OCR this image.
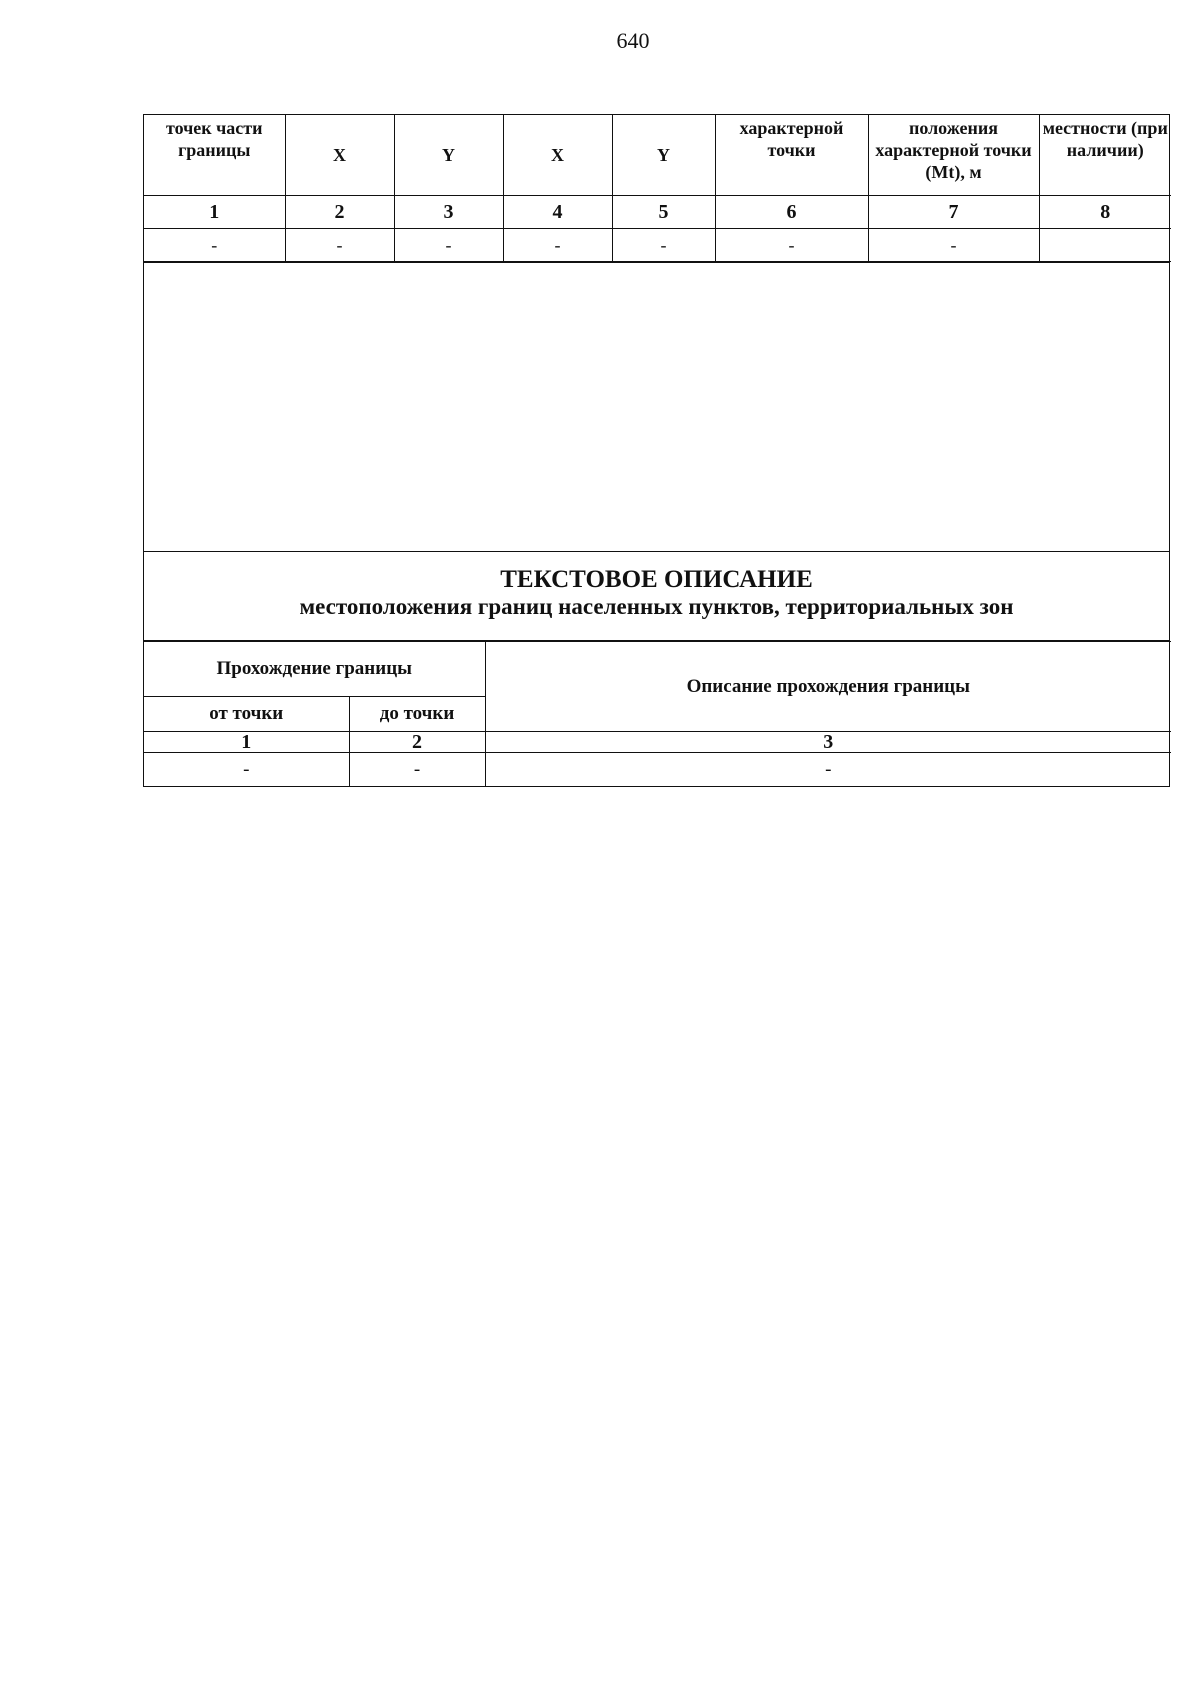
640
точек части границы	X	Y	X	Y	характерной точки	положения характерной точки (Mt), м	местности (при наличии)
1	2	3	4	5	6	7	8
-	-	-	-	-	-	-	
ТЕКСТОВОЕ ОПИСАНИЕ
местоположения границ населенных пунктов, территориальных зон
Прохождение границы		Описание прохождения границы
от точки	до точки	
1	2	3
-	-	-
